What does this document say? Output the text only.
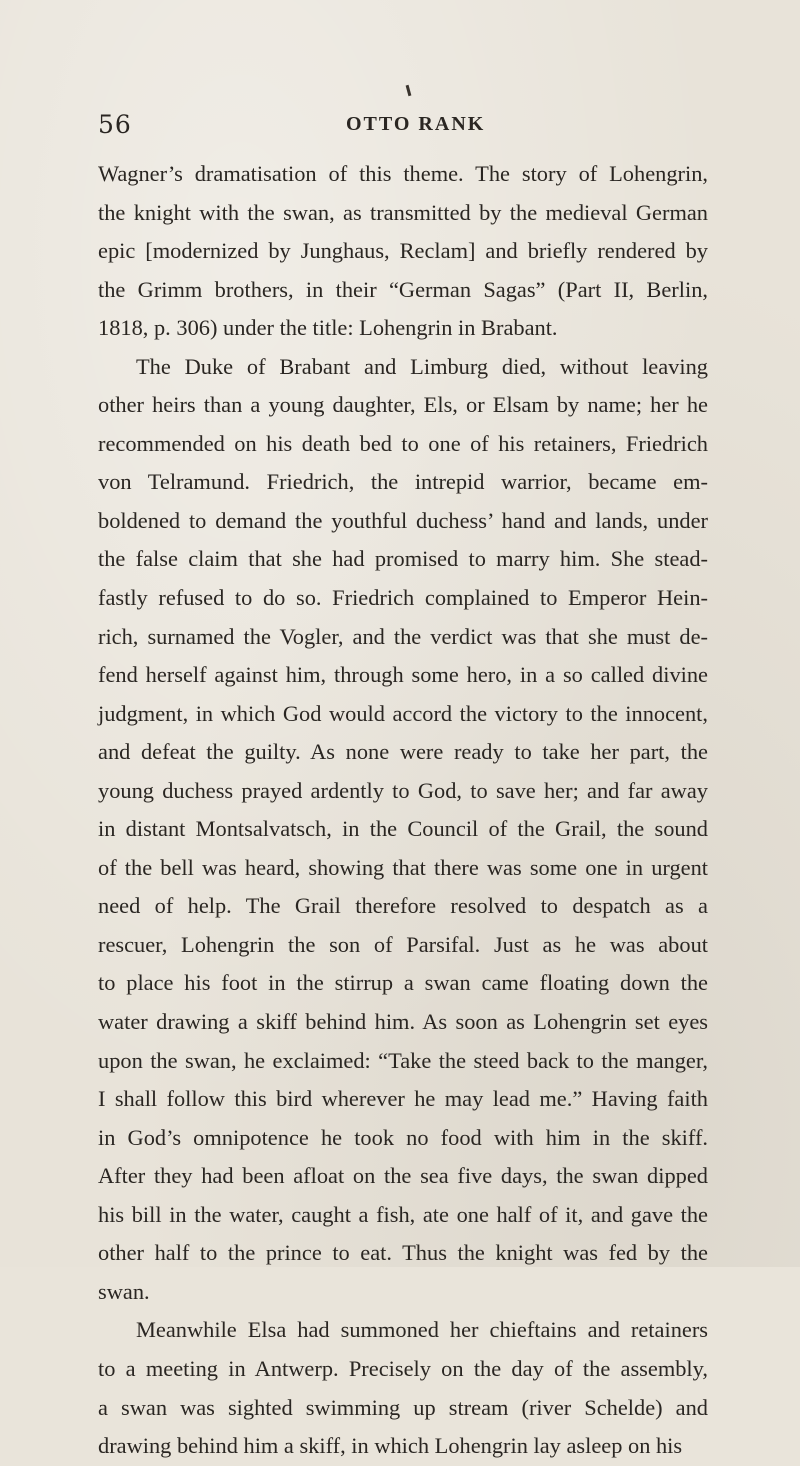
56	OTTO RANK
Wagner’s dramatisation of this theme. The story of Lohengrin,
the knight with the swan, as transmitted by the medieval German
epic [modernized by Junghaus, Reclam] and briefly rendered by
the Grimm brothers, in their “German Sagas” (Part II, Berlin,
1818, p. 306) under the title: Lohengrin in Brabant.
The Duke of Brabant and Limburg died, without leaving
other heirs than a young daughter, Els, or Elsam by name; her he
recommended on his death bed to one of his retainers, Friedrich
von Telramund. Friedrich, the intrepid warrior, became em-
boldened to demand the youthful duchess’ hand and lands, under
the false claim that she had promised to marry him. She stead-
fastly refused to do so. Friedrich complained to Emperor Hein-
rich, surnamed the Vogler, and the verdict was that she must de-
fend herself against him, through some hero, in a so called divine
judgment, in which God would accord the victory to the innocent,
and defeat the guilty. As none were ready to take her part, the
young duchess prayed ardently to God, to save her; and far away
in distant Montsalvatsch, in the Council of the Grail, the sound
of the bell was heard, showing that there was some one in urgent
need of help. The Grail therefore resolved to despatch as a
rescuer, Lohengrin the son of Parsifal. Just as he was about
to place his foot in the stirrup a swan came floating down the
water drawing a skiff behind him. As soon as Lohengrin set eyes
upon the swan, he exclaimed: “Take the steed back to the manger,
I shall follow this bird wherever he may lead me.” Having faith
in God’s omnipotence he took no food with him in the skiff.
After they had been afloat on the sea five days, the swan dipped
his bill in the water, caught a fish, ate one half of it, and gave the
other half to the prince to eat. Thus the knight was fed by the
swan.
Meanwhile Elsa had summoned her chieftains and retainers
to a meeting in Antwerp. Precisely on the day of the assembly,
a swan was sighted swimming up stream (river Schelde) and
drawing behind him a skiff, in which Lohengrin lay asleep on his
